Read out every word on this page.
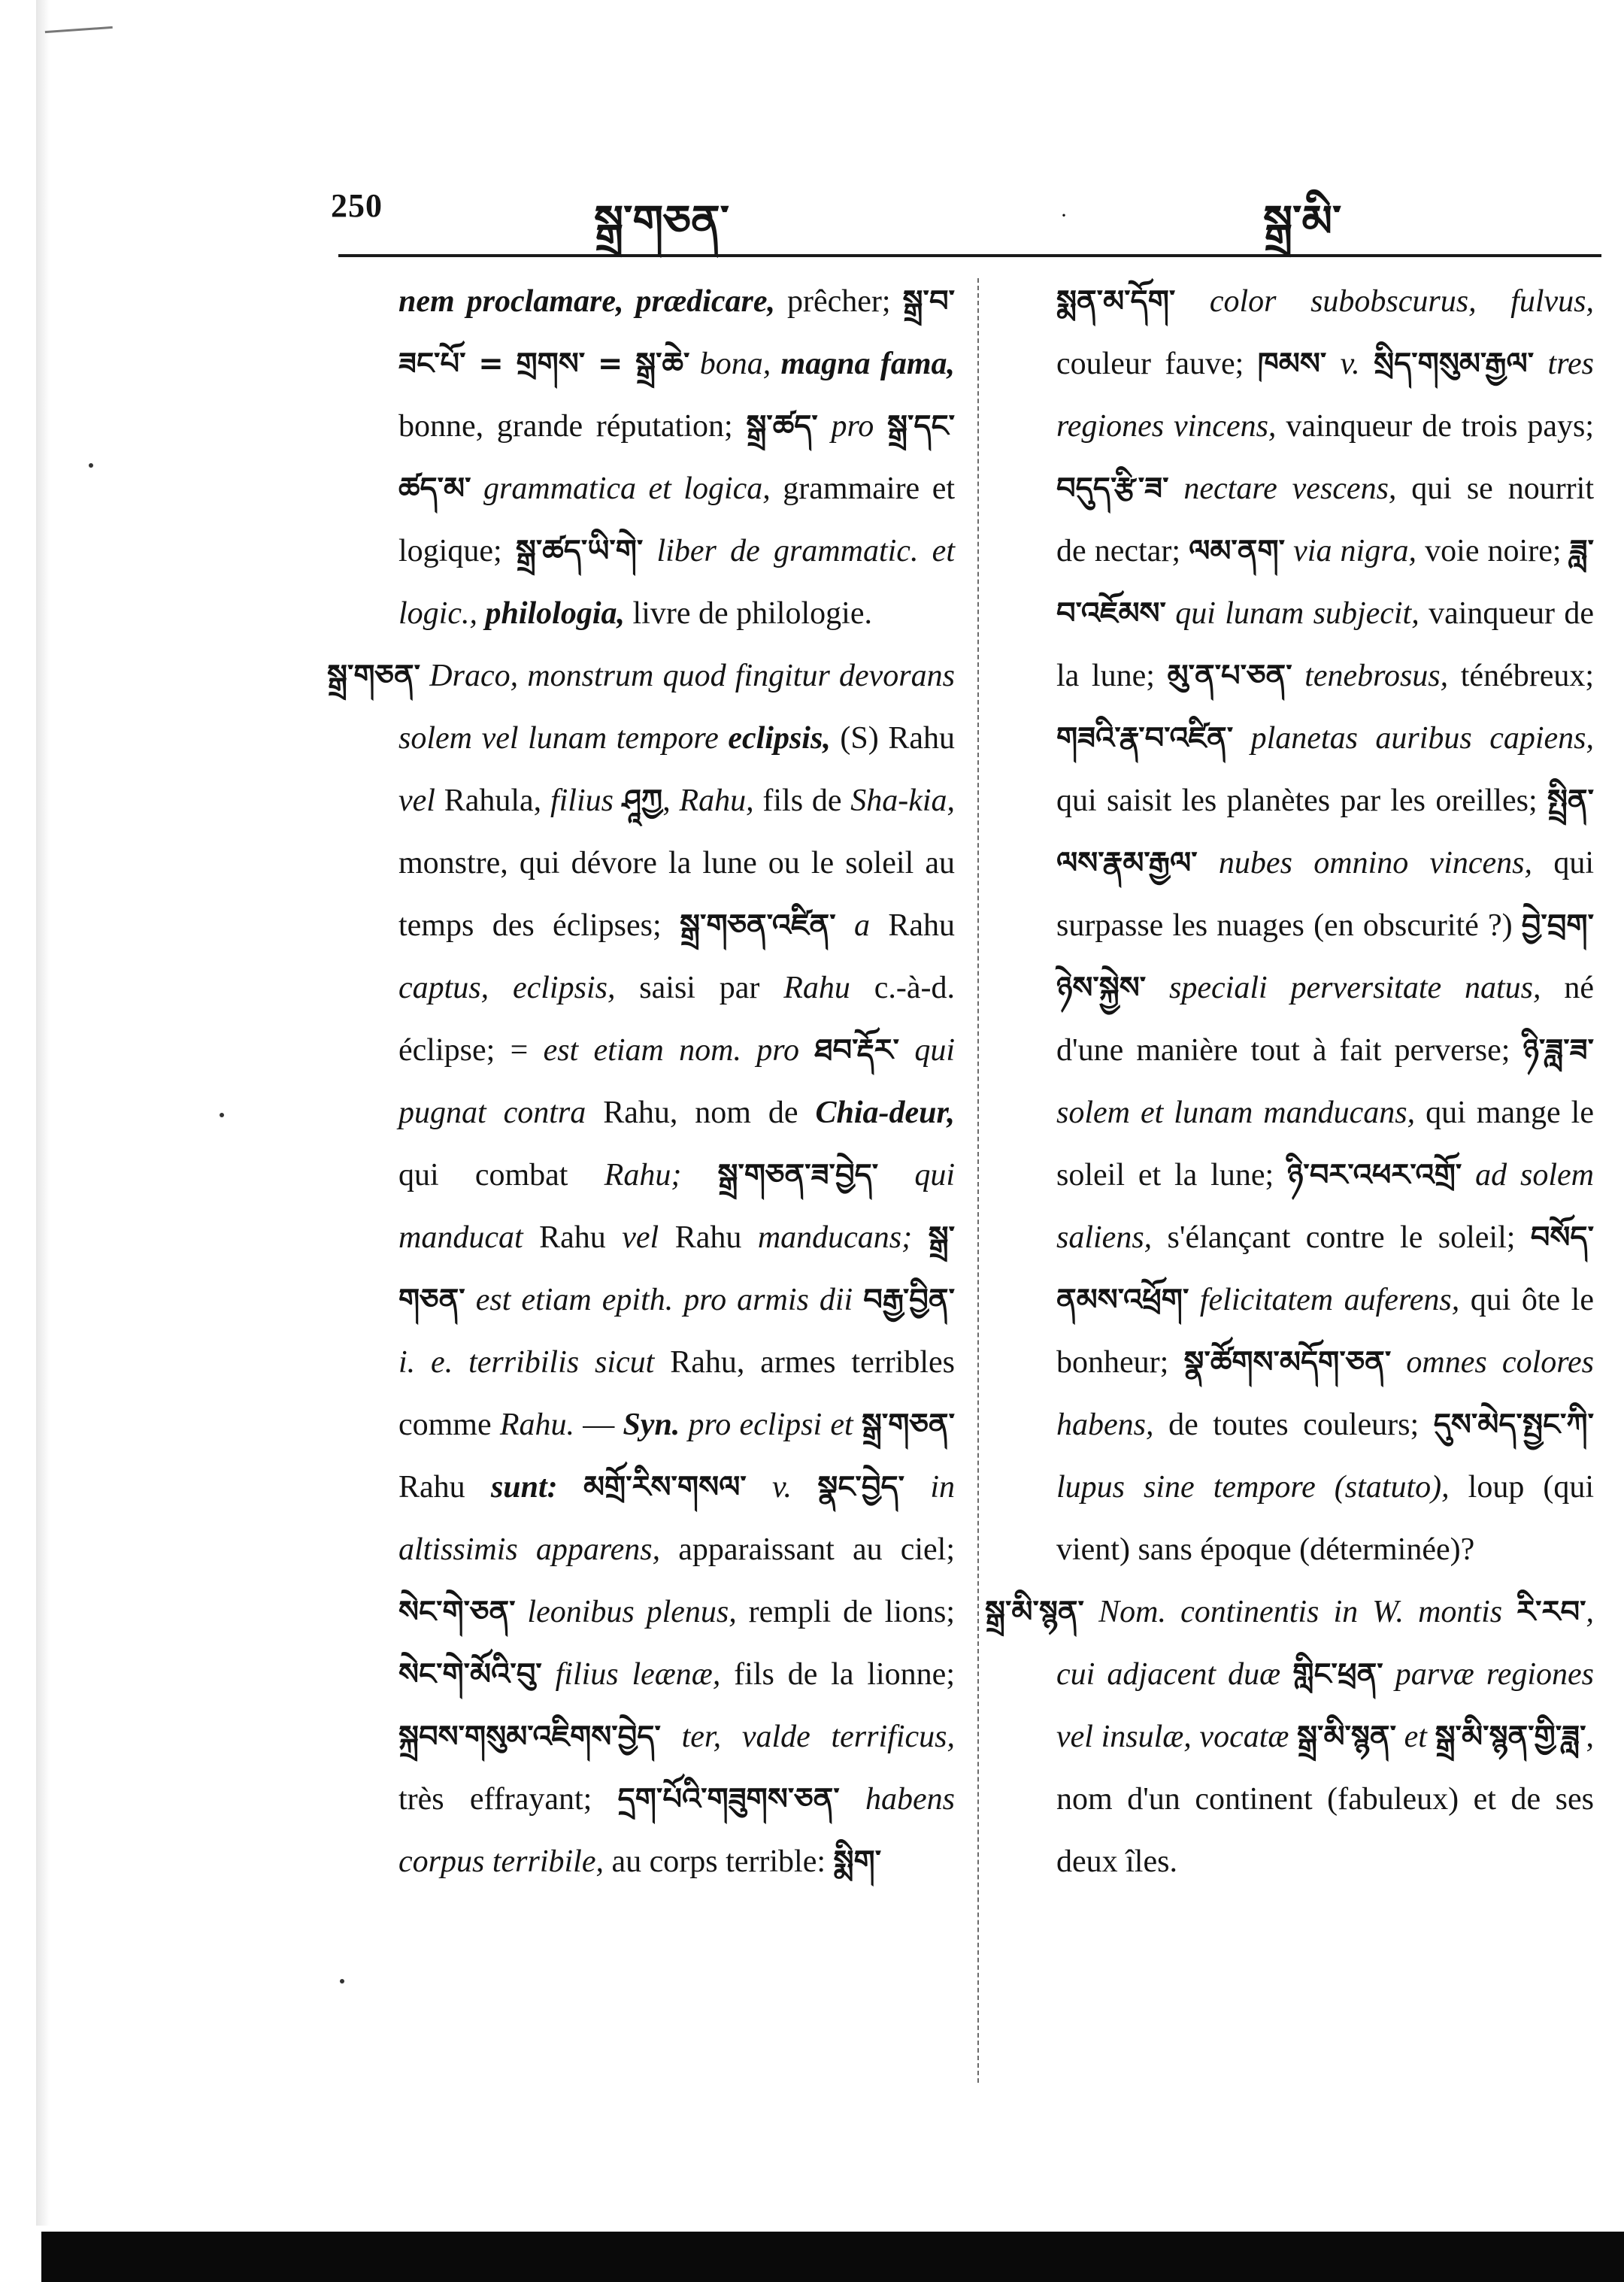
250	སྒྲ་གཅན་	·	སྒྲ་མི་

nem proclamare, prædicare, prêcher; སྒྲ་བ་ཟང་པོ་ = གྲགས་ = སྒྲ་ཆེ་ bona, magna fama, bonne, grande réputation; སྒྲ་ཚད་ pro སྒྲ་དང་ཚད་མ་ grammatica et logica, grammaire et logique; སྒྲ་ཚད་ཡི་གེ་ liber de grammatic. et logic., philologia, livre de philologie.

སྒྲ་གཅན་ Draco, monstrum quod fingitur devorans solem vel lunam tempore eclipsis, (S) Rahu vel Rahula, filius ཤཱཀྱ, Rahu, fils de Sha-kia, monstre, qui dévore la lune ou le soleil au temps des éclipses; སྒྲ་གཅན་འཛིན་ a Rahu captus, eclipsis, saisi par Rahu c.-à-d. éclipse; = est etiam nom. pro ཐབ་རྡོར་ qui pugnat contra Rahu, nom de Chia-deur, qui combat Rahu; སྒྲ་གཅན་ཟ་བྱེད་ qui manducat Rahu vel Rahu manducans; སྒྲ་གཅན་ est etiam epith. pro armis dii བརྒྱ་བྱིན་ i. e. terribilis sicut Rahu, armes terribles comme Rahu. — Syn. pro eclipsi et སྒྲ་གཅན་ Rahu sunt: མགྲོ་རིས་གསལ་ v. སྣང་བྱེད་ in altissimis apparens, apparaissant au ciel; སེང་གེ་ཅན་ leonibus plenus, rempli de lions; སེང་གེ་མོའི་བུ་ filius leænæ, fils de la lionne; སྐྲབས་གསུམ་འཇིགས་བྱེད་ ter, valde terrificus, très effrayant; དྲག་པོའི་གཟུགས་ཅན་ habens corpus terribile, au corps terrible: སྨིག་

སྨན་མ་དོག་ color subobscurus, fulvus, couleur fauve; ཁམས་ v. སྲིད་གསུམ་རྒྱལ་ tres regiones vincens, vainqueur de trois pays; བདུད་རྩི་ཟ་ nectare vescens, qui se nourrit de nectar; ལམ་ནག་ via nigra, voie noire; ཟླ་བ་འཇོམས་ qui lunam subjecit, vainqueur de la lune; མུ་ན་པ་ཅན་ tenebrosus, ténébreux; གཟའི་རྣ་བ་འཛིན་ planetas auribus capiens, qui saisit les planètes par les oreilles; སྤྲིན་ལས་རྣམ་རྒྱལ་ nubes omnino vincens, qui surpasse les nuages (en obscurité ?) བྱེ་བྲག་ཉེས་སྐྱེས་ speciali perversitate natus, né d'une manière tout à fait perverse; ཉི་ཟླ་ཟ་ solem et lunam manducans, qui mange le soleil et la lune; ཉི་བར་འཕར་འགྲོ་ ad solem saliens, s'élançant contre le soleil; བསོད་ནམས་འཕྲོག་ felicitatem auferens, qui ôte le bonheur; སྣ་ཚོགས་མདོག་ཅན་ omnes colores habens, de toutes couleurs; དུས་མེད་སྤྱང་ཀི་ lupus sine tempore (statuto), loup (qui vient) sans époque (déterminée)?

སྒྲ་མི་སྙན་ Nom. continentis in W. montis རི་རབ་, cui adjacent duæ གླིང་ཕྲན་ parvæ regiones vel insulæ, vocatæ སྒྲ་མི་སྙན་ et སྒྲ་མི་སྙན་གྱི་ཟླ་, nom d'un continent (fabuleux) et de ses deux îles.
